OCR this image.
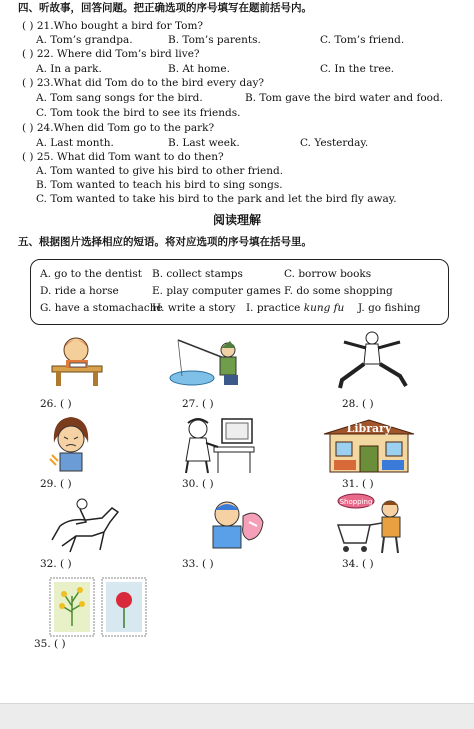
四、听故事，回答问题。把正确选项的序号填写在题前括号内。
( ) 21.Who bought a bird for Tom?
A. Tom’s grandpa.	B. Tom’s parents.	C. Tom’s friend.
( ) 22. Where did Tom’s bird live?
A. In a park.	B. At home.	C. In the tree.
( ) 23.What did Tom do to the bird every day?
A. Tom sang songs for the bird.	B. Tom gave the bird water and food.
C. Tom took the bird to see its friends.
( ) 24.When did Tom go to the park?
A. Last month.	B. Last week.	C. Yesterday.
( ) 25. What did Tom want to do then?
A. Tom wanted to give his bird to other friend.
B. Tom wanted to teach his bird to sing songs.
C. Tom wanted to take his bird to the park and let the bird fly away.
阅读理解
五、根据图片选择相应的短语。将对应选项的序号填在括号里。
A. go to the dentist B. collect stamps	C. borrow books
D. ride a horse	E. play computer games F. do some shopping
G. have a stomachache
H. write a story I. practice kung fu J. go fishing
26. ( )	27. ( )	28. ( )
29. ( )	30. ( )
Library
31. ( )
32. ( )	33. ( )
Shopping
34. ( )
35. ( )
